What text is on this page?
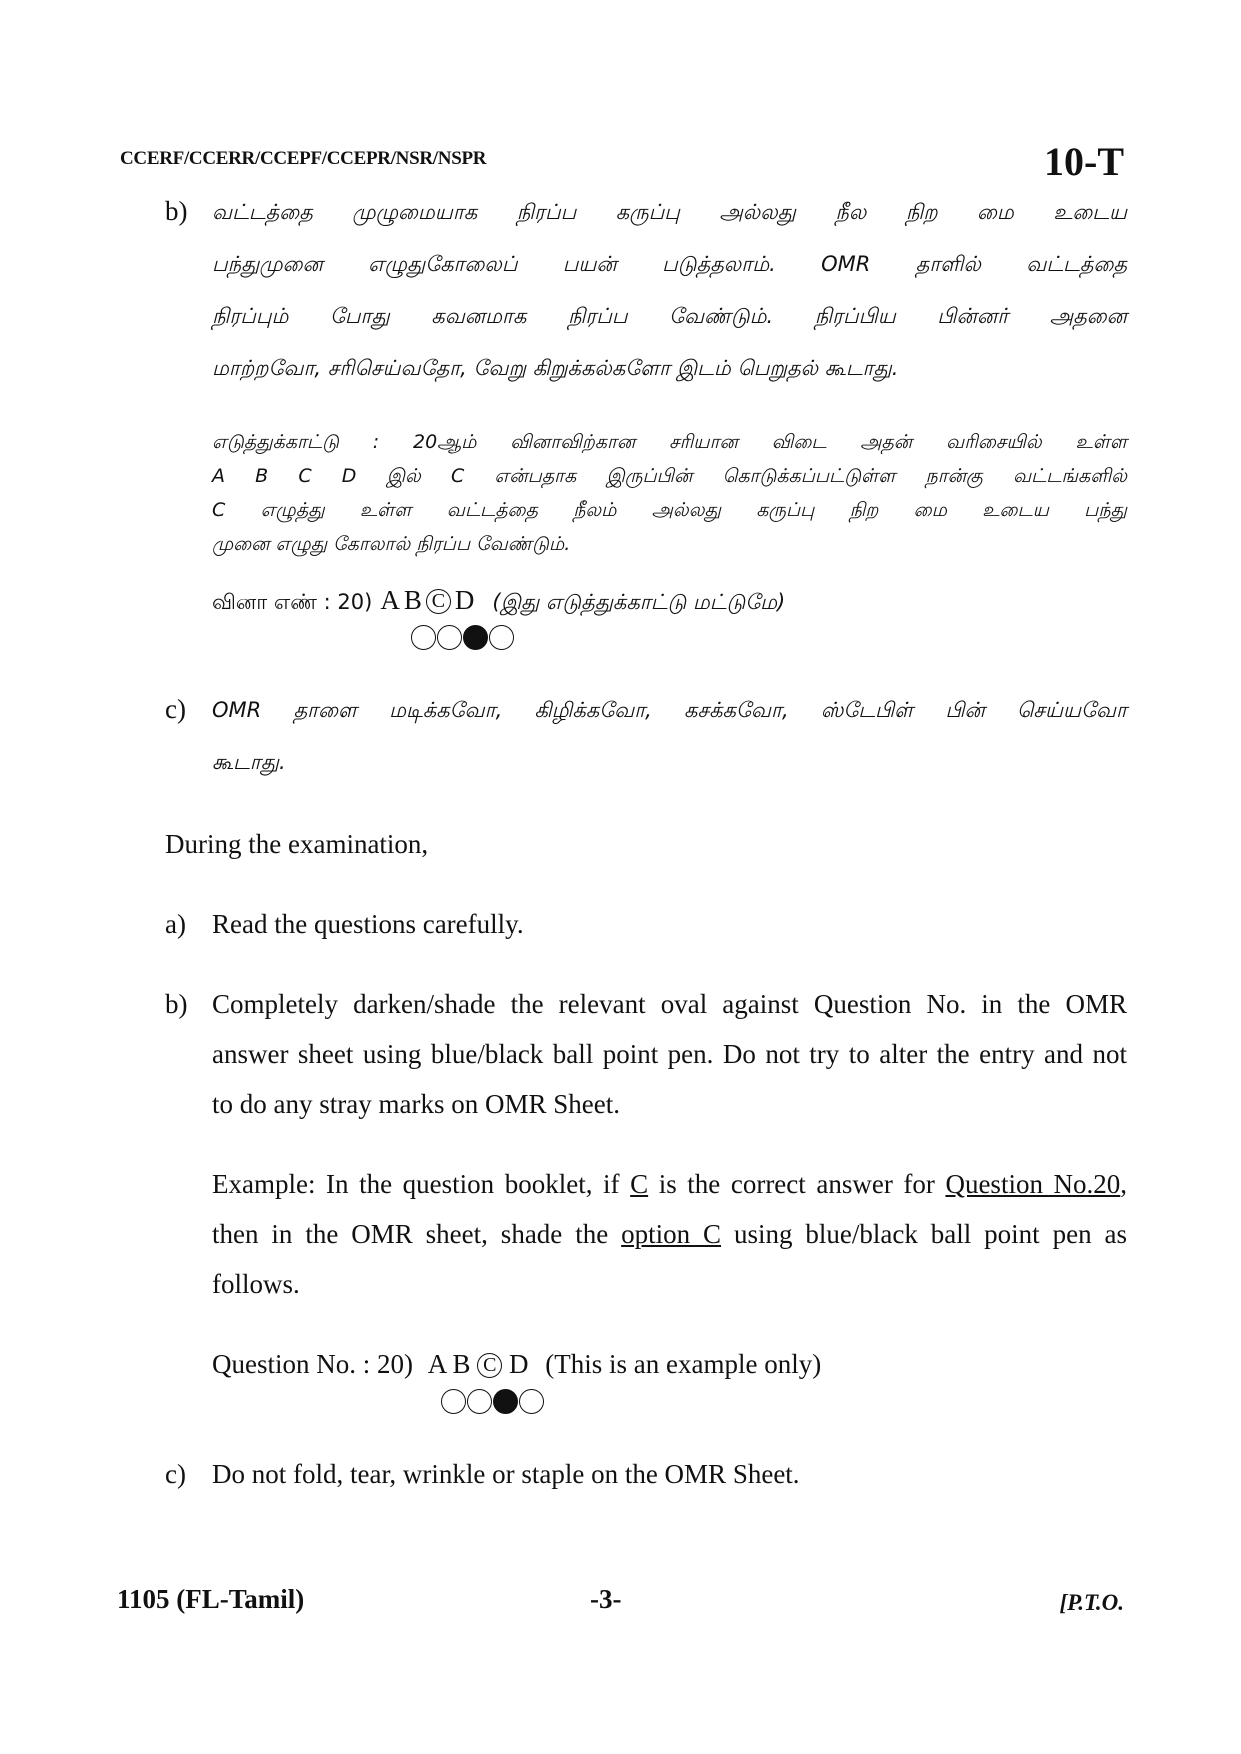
CCERF/CCERR/CCEPF/CCEPR/NSR/NSPR	10-T
b) வட்டத்தை முழுமையாக நிரப்ப கருப்பு அல்லது நீல நிற மை உடைய
பந்துமுனை எழுதுகோலைப் பயன் படுத்தலாம். OMR தாளில் வட்டத்தை
நிரப்பும் போது கவனமாக நிரப்ப வேண்டும். நிரப்பிய பின்னர் அதனை
மாற்றவோ, சரிசெய்வதோ, வேறு கிறுக்கல்களோ இடம் பெறுதல் கூடாது.
எடுத்துக்காட்டு : 20ஆம் வினாவிற்கான சரியான விடை அதன் வரிசையில் உள்ள
A B C D இல் C என்பதாக இருப்பின் கொடுக்கப்பட்டுள்ள நான்கு வட்டங்களில்
C எழுத்து உள்ள வட்டத்தை நீலம் அல்லது கருப்பு நிற மை உடைய பந்து
முனை எழுது கோலால் நிரப்ப வேண்டும்.
வினா எண் : 20) A B C D (இது எடுத்துக்காட்டு மட்டுமே)
c) OMR தாளை மடிக்கவோ, கிழிக்கவோ, கசக்கவோ, ஸ்டேபிள் பின் செய்யவோ
கூடாது.
During the examination,
a) Read the questions carefully.
b) Completely darken/shade the relevant oval against Question No. in the OMR
answer sheet using blue/black ball point pen. Do not try to alter the entry and not
to do any stray marks on OMR Sheet.
Example: In the question booklet, if C is the correct answer for Question No.20,
then in the OMR sheet, shade the option C using blue/black ball point pen as
follows.
Question No. : 20) A B C D (This is an example only)
c) Do not fold, tear, wrinkle or staple on the OMR Sheet.
1105 (FL-Tamil)	-3-	[P.T.O.
